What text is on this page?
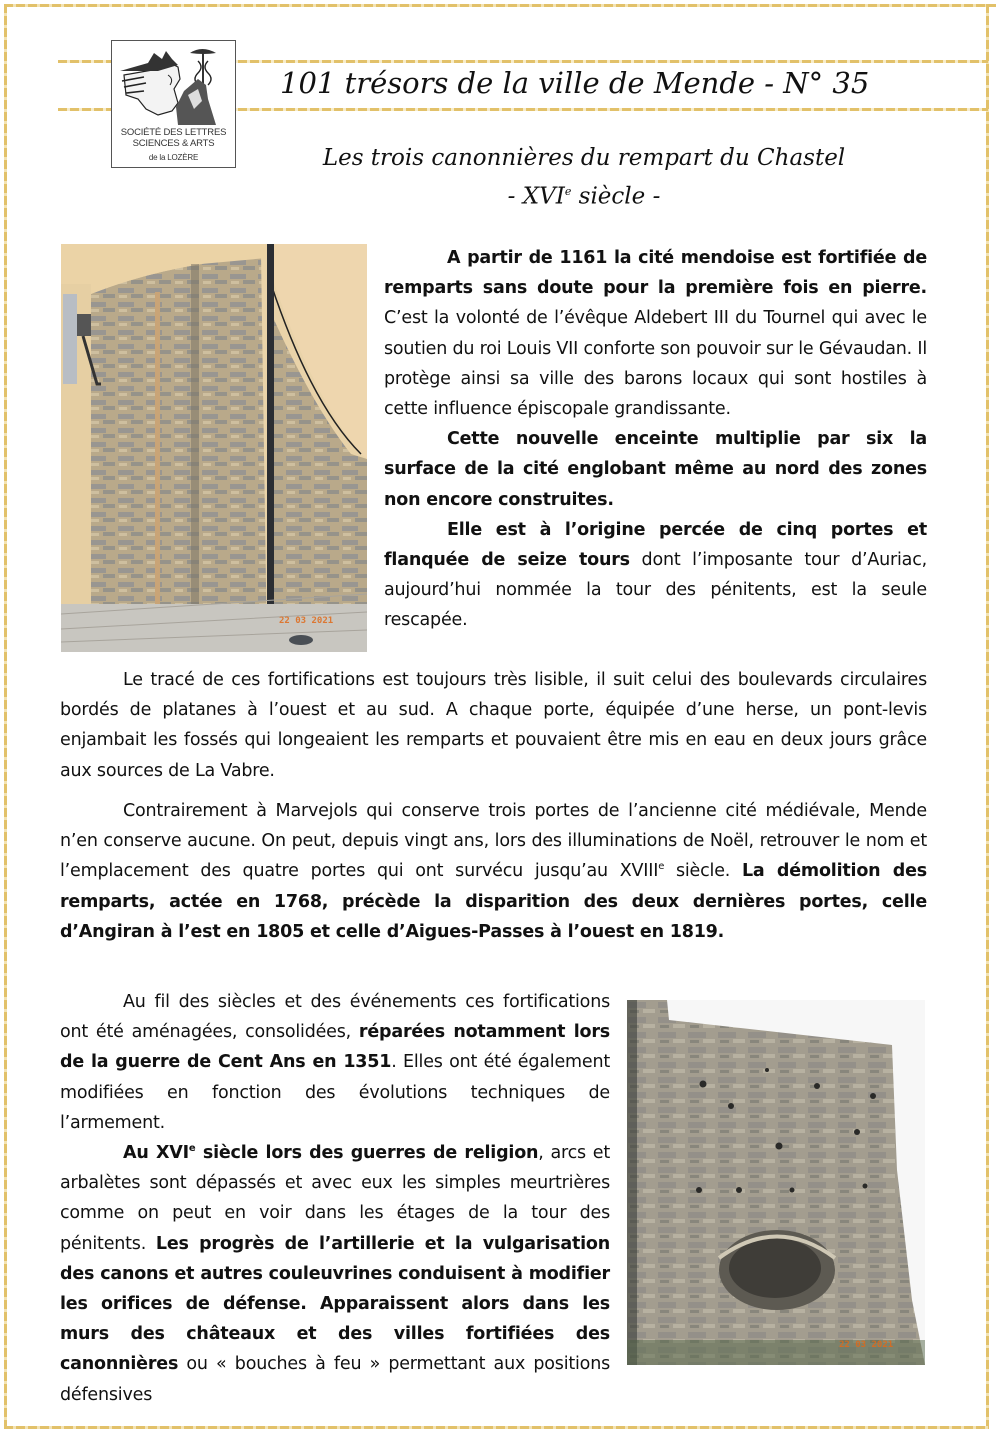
SOCIÉTÉ DES LETTRES
SCIENCES & ARTS
de la LOZÈRE
101 trésors de la ville de Mende - N° 35
Les trois canonnières du rempart du Chastel
- XVIe siècle -
22 03 2021
22 03 2021

A partir de 1161 la cité mendoise est fortifiée de remparts sans doute pour la première fois en pierre. C’est la volonté de l’évêque Aldebert III du Tournel qui avec le soutien du roi Louis VII conforte son pouvoir sur le Gévaudan. Il protège ainsi sa ville des barons locaux qui sont hostiles à cette influence épiscopale grandissante.

Cette nouvelle enceinte multiplie par six la surface de la cité englobant même au nord des zones non encore construites.

Elle est à l’origine percée de cinq portes et flanquée de seize tours dont l’imposante tour d’Auriac, aujourd’hui nommée la tour des pénitents, est la seule rescapée.

Le tracé de ces fortifications est toujours très lisible, il suit celui des boulevards circulaires bordés de platanes à l’ouest et au sud. A chaque porte, équipée d’une herse, un pont-levis enjambait les fossés qui longeaient les remparts et pouvaient être mis en eau en deux jours grâce aux sources de La Vabre.

Contrairement à Marvejols qui conserve trois portes de l’ancienne cité médiévale, Mende n’en conserve aucune. On peut, depuis vingt ans, lors des illuminations de Noël, retrouver le nom et l’emplacement des quatre portes qui ont survécu jusqu’au XVIIIe siècle. La démolition des remparts, actée en 1768, précède la disparition des deux dernières portes, celle d’Angiran à l’est en 1805 et celle d’Aigues-Passes à l’ouest en 1819.

Au fil des siècles et des événements ces fortifications ont été aménagées, consolidées, réparées notamment lors de la guerre de Cent Ans en 1351. Elles ont été également modifiées en fonction des évolutions techniques de l’armement.

Au XVIe siècle lors des guerres de religion, arcs et arbalètes sont dépassés et avec eux les simples meurtrières comme on peut en voir dans les étages de la tour des pénitents. Les progrès de l’artillerie et la vulgarisation des canons et autres couleuvrines conduisent à modifier les orifices de défense. Apparaissent alors dans les murs des châteaux et des villes fortifiées des canonnières ou « bouches à feu » permettant aux positions défensives
